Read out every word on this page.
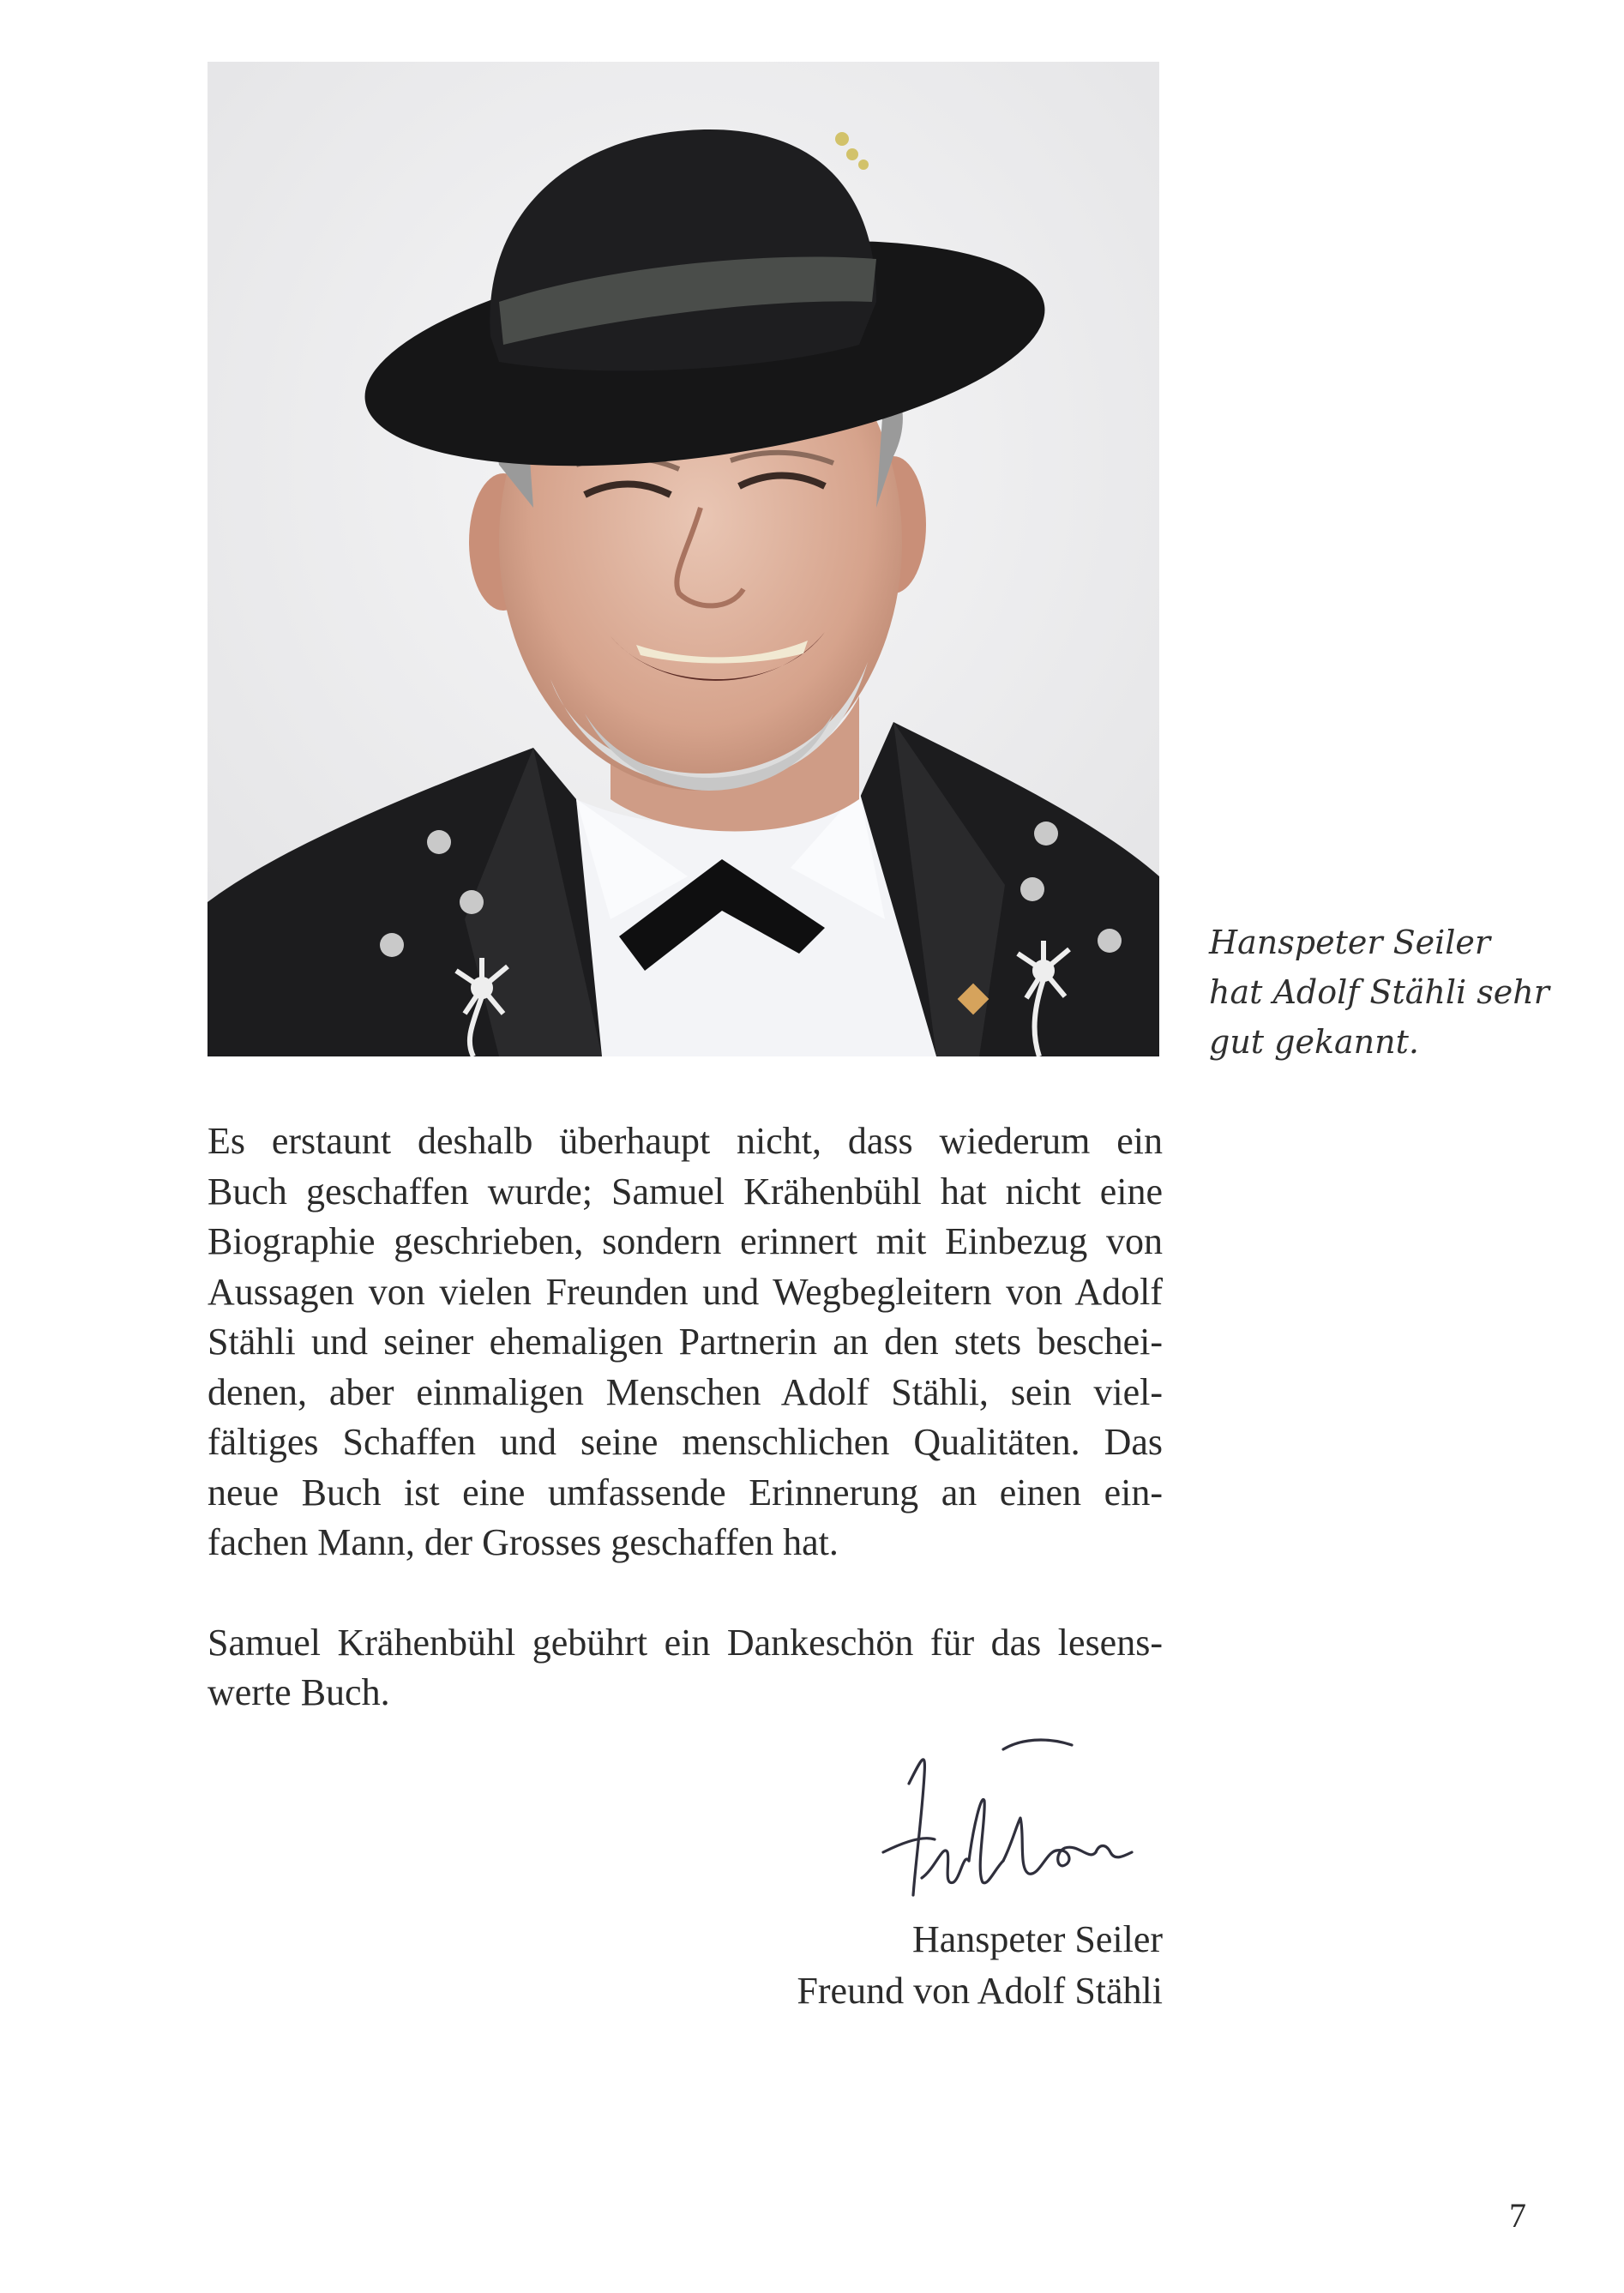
Hanspeter Seiler
hat Adolf Stähli sehr
gut gekannt.
Es erstaunt deshalb überhaupt nicht, dass wiederum ein
Buch geschaffen wurde; Samuel Krähenbühl hat nicht eine
Biographie geschrieben, sondern erinnert mit Einbezug von
Aussagen von vielen Freunden und Wegbegleitern von Adolf
Stähli und seiner ehemaligen Partnerin an den stets beschei-
denen, aber einmaligen Menschen Adolf Stähli, sein viel-
fältiges Schaffen und seine menschlichen Qualitäten. Das
neue Buch ist eine umfassende Erinnerung an einen ein-
fachen Mann, der Grosses geschaffen hat.
Samuel Krähenbühl gebührt ein Dankeschön für das lesens-
werte Buch.
Hanspeter Seiler
Freund von Adolf Stähli
7
